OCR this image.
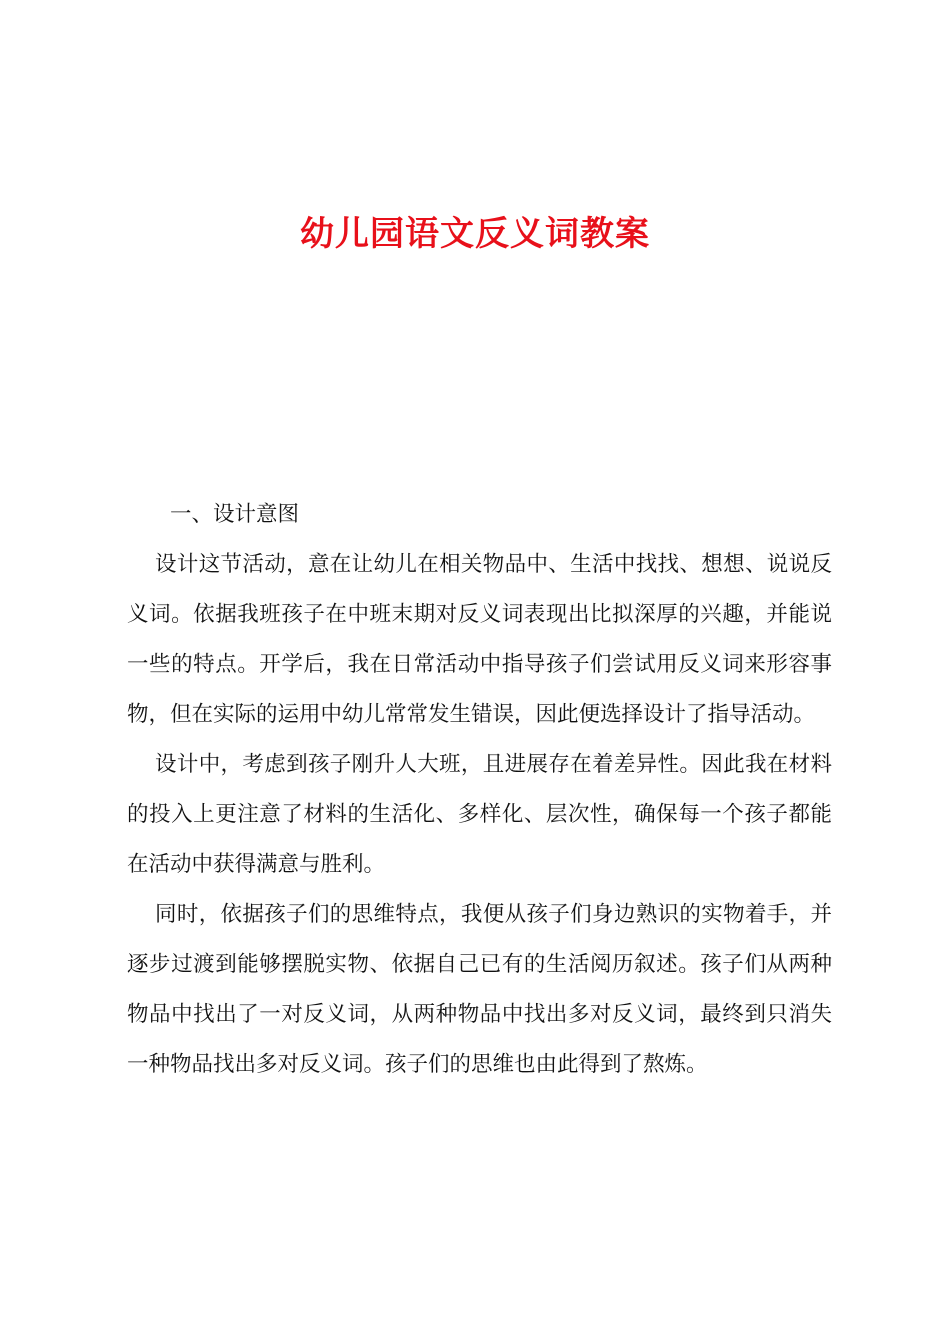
幼儿园语文反义词教案

一、设计意图

设计这节活动，意在让幼儿在相关物品中、生活中找找、想想、说说反义词。依据我班孩子在中班末期对反义词表现出比拟深厚的兴趣，并能说一些的特点。开学后，我在日常活动中指导孩子们尝试用反义词来形容事物，但在实际的运用中幼儿常常发生错误，因此便选择设计了指导活动。

设计中，考虑到孩子刚升人大班，且进展存在着差异性。因此我在材料的投入上更注意了材料的生活化、多样化、层次性，确保每一个孩子都能在活动中获得满意与胜利。

同时，依据孩子们的思维特点，我便从孩子们身边熟识的实物着手，并逐步过渡到能够摆脱实物、依据自己已有的生活阅历叙述。孩子们从两种物品中找出了一对反义词，从两种物品中找出多对反义词，最终到只消失一种物品找出多对反义词。孩子们的思维也由此得到了熬炼。
